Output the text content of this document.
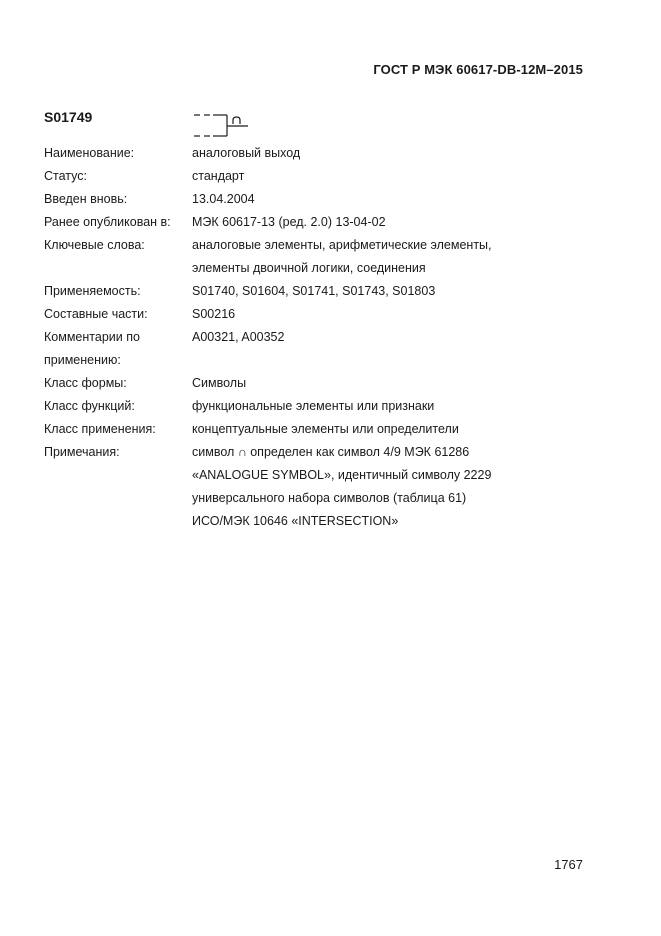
ГОСТ Р МЭК 60617-DB-12M–2015
S01749
Наименование:	аналоговый выход
Статус:	стандарт
Введен вновь:	13.04.2004
Ранее опубликован в:	МЭК 60617-13 (ред. 2.0) 13-04-02
Ключевые слова:	аналоговые элементы, арифметические элементы,
элементы двоичной логики, соединения
Применяемость:	S01740, S01604, S01741, S01743, S01803
Составные части:	S00216
Комментарии по
применению:
A00321, A00352
Класс формы:	Символы
Класс функций:	функциональные элементы или признаки
Класс применения:	концептуальные элементы или определители
Примечания:	символ ∩ определен как символ 4/9 МЭК 61286
«ANALOGUE SYMBOL», идентичный символу 2229
универсального набора символов (таблица 61)
ИСО/МЭК 10646 «INTERSECTION»
1767
